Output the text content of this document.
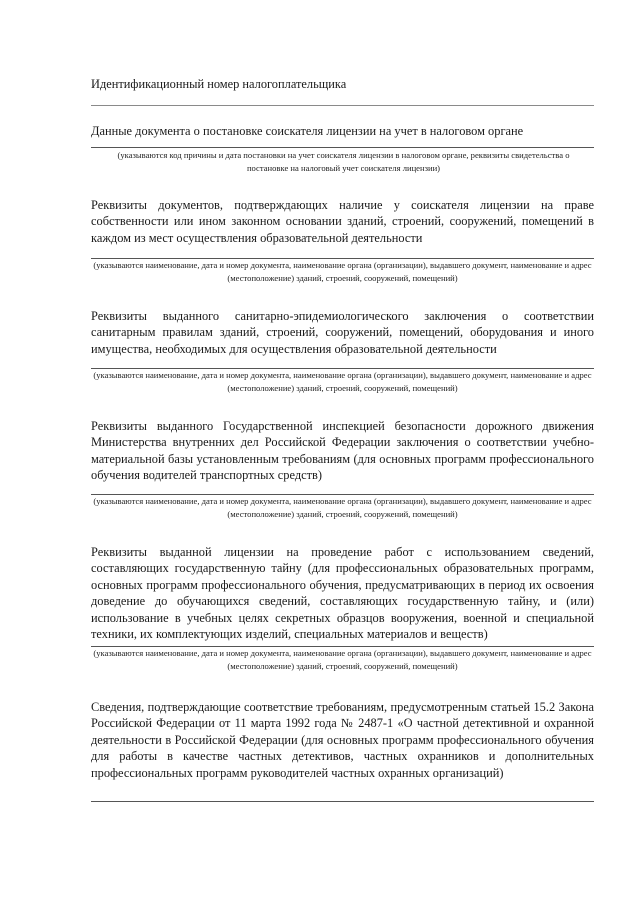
Идентификационный номер налогоплательщика

Данные документа о постановке соискателя лицензии на учет в налоговом органе

(указываются код причины и дата постановки на учет соискателя лицензии в налоговом органе, реквизиты свидетельства о постановке на налоговый учет соискателя лицензии)

Реквизиты документов, подтверждающих наличие у соискателя лицензии на праве собственности или ином законном основании зданий, строений, сооружений, помещений в каждом из мест осуществления образовательной деятельности

(указываются наименование, дата и номер документа, наименование органа (организации), выдавшего документ, наименование и адрес (местоположение) зданий, строений, сооружений, помещений)

Реквизиты выданного санитарно-эпидемиологического заключения о соответствии санитарным правилам зданий, строений, сооружений, помещений, оборудования и иного имущества, необходимых для осуществления образовательной деятельности

(указываются наименование, дата и номер документа, наименование органа (организации), выдавшего документ, наименование и адрес (местоположение) зданий, строений, сооружений, помещений)

Реквизиты выданного Государственной инспекцией безопасности дорожного движения Министерства внутренних дел Российской Федерации заключения о соответствии учебно-материальной базы установленным требованиям (для основных программ профессионального обучения водителей транспортных средств)

(указываются наименование, дата и номер документа, наименование органа (организации), выдавшего документ, наименование и адрес (местоположение) зданий, строений, сооружений, помещений)

Реквизиты выданной лицензии на проведение работ с использованием сведений, составляющих государственную тайну (для профессиональных образовательных программ, основных программ профессионального обучения, предусматривающих в период их освоения доведение до обучающихся сведений, составляющих государственную тайну, и (или) использование в учебных целях секретных образцов вооружения, военной и специальной техники, их комплектующих изделий, специальных материалов и веществ)

(указываются наименование, дата и номер документа, наименование органа (организации), выдавшего документ, наименование и адрес (местоположение) зданий, строений, сооружений, помещений)

Сведения, подтверждающие соответствие требованиям, предусмотренным статьей 15.2 Закона Российской Федерации от 11 марта 1992 года № 2487-1 «О частной детективной и охранной деятельности в Российской Федерации (для основных программ профессионального обучения для работы в качестве частных детективов, частных охранников и дополнительных профессиональных программ руководителей частных охранных организаций)
